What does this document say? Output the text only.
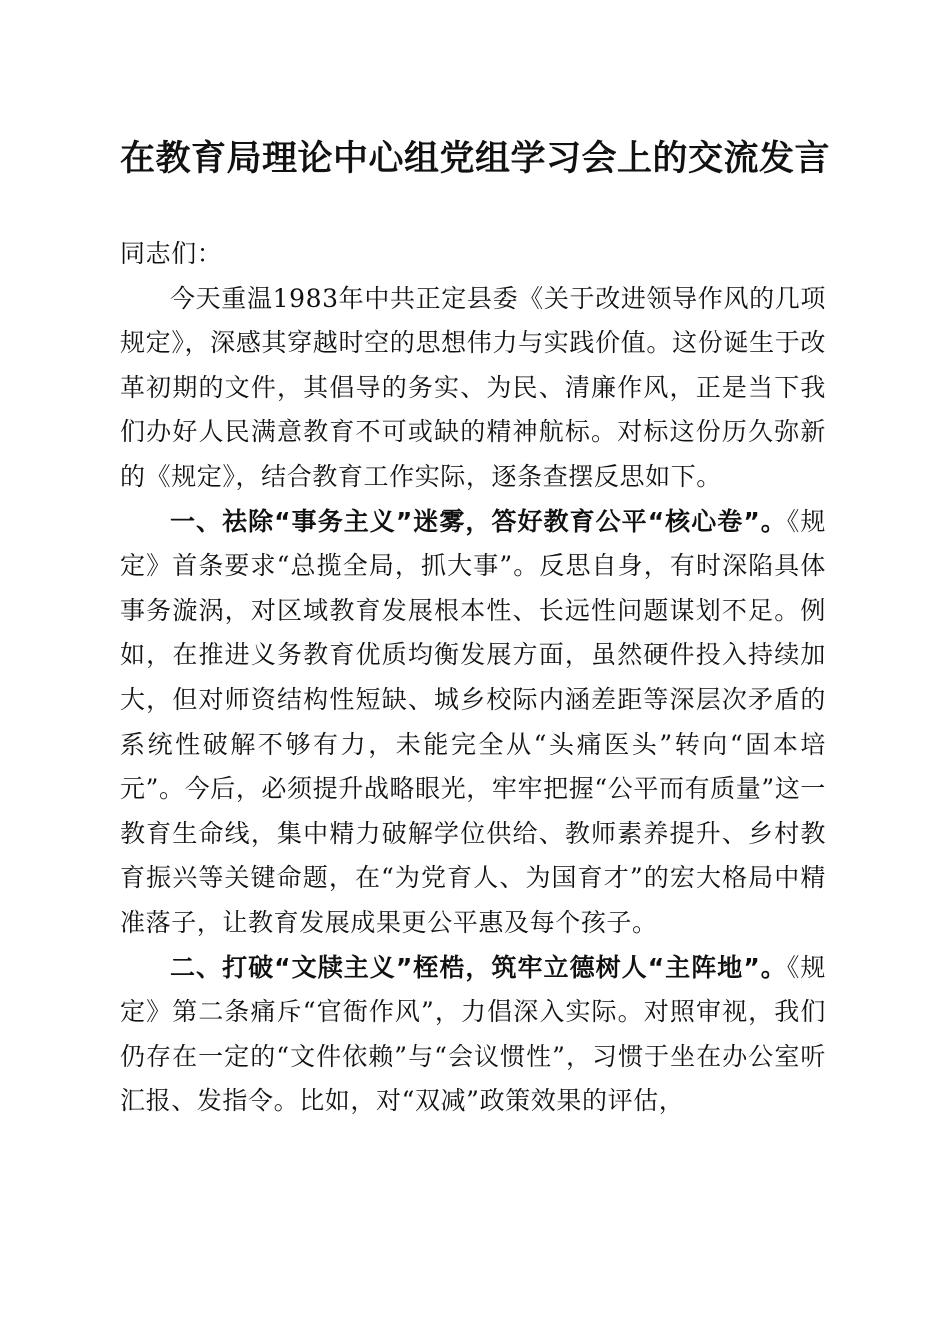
在教育局理论中心组党组学习会上的交流发言

同志们：

今天重温1983年中共正定县委《关于改进领导作风的几项规定》，深感其穿越时空的思想伟力与实践价值。这份诞生于改革初期的文件，其倡导的务实、为民、清廉作风，正是当下我们办好人民满意教育不可或缺的精神航标。对标这份历久弥新的《规定》，结合教育工作实际，逐条查摆反思如下。

一、祛除“事务主义”迷雾，答好教育公平“核心卷”。《规定》首条要求“总揽全局，抓大事”。反思自身，有时深陷具体事务漩涡，对区域教育发展根本性、长远性问题谋划不足。例如，在推进义务教育优质均衡发展方面，虽然硬件投入持续加大，但对师资结构性短缺、城乡校际内涵差距等深层次矛盾的系统性破解不够有力，未能完全从“头痛医头”转向“固本培元”。今后，必须提升战略眼光，牢牢把握“公平而有质量”这一教育生命线，集中精力破解学位供给、教师素养提升、乡村教育振兴等关键命题，在“为党育人、为国育才”的宏大格局中精准落子，让教育发展成果更公平惠及每个孩子。

二、打破“文牍主义”桎梏，筑牢立德树人“主阵地”。《规定》第二条痛斥“官衙作风”，力倡深入实际。对照审视，我们仍存在一定的“文件依赖”与“会议惯性”，习惯于坐在办公室听汇报、发指令。比如，对“双减”政策效果的评估，
